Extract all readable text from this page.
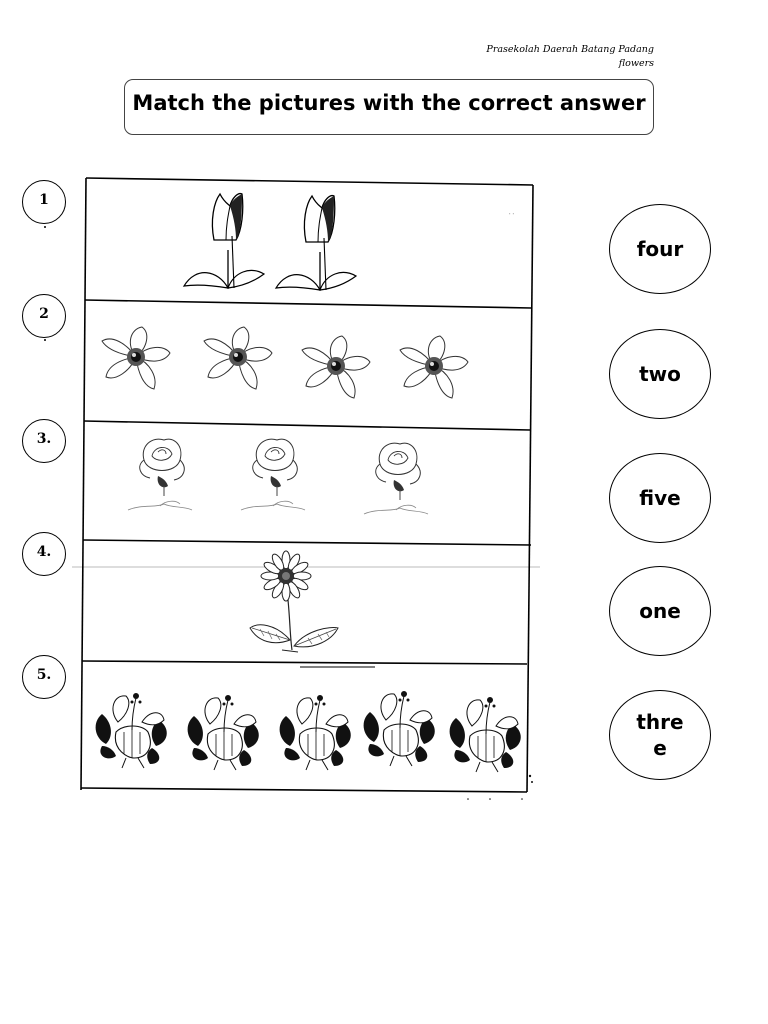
Prasekolah Daerah Batang Padang
flowers
Match the pictures with the correct answer
1
2
3.
4.
5.
four
two
five
one
three
˙˙
